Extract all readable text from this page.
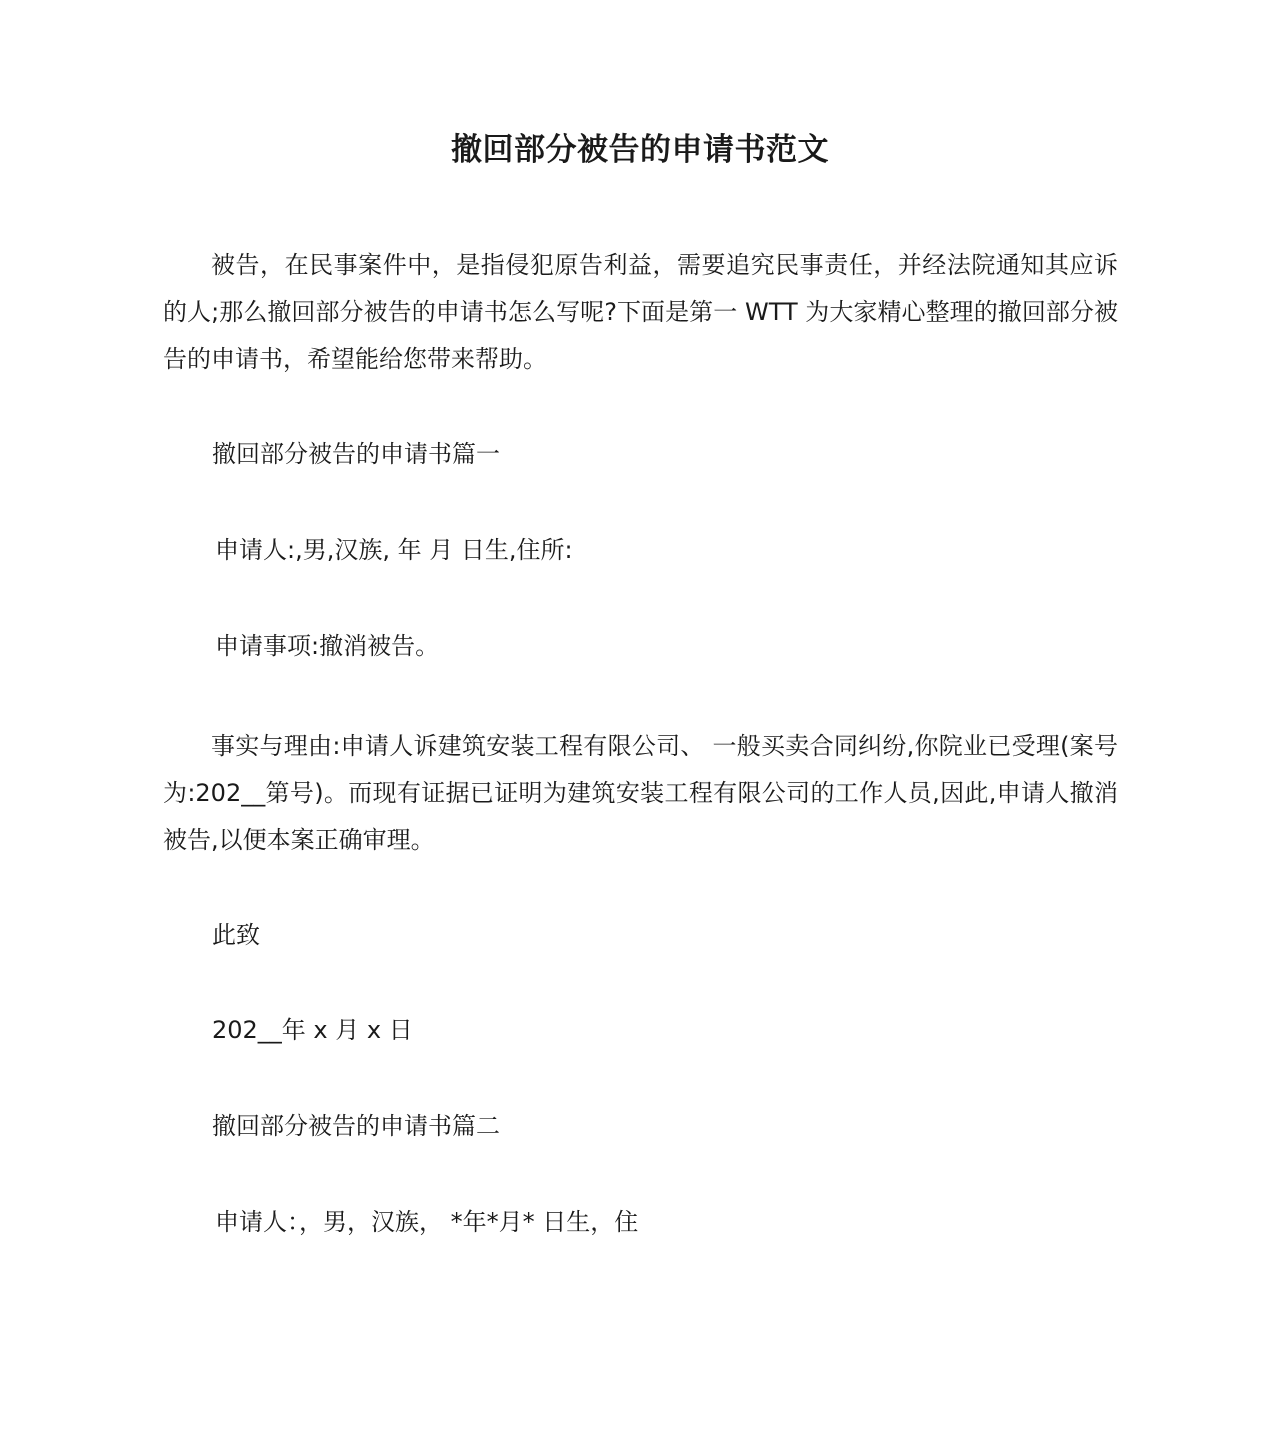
撤回部分被告的申请书范文

被告，在民事案件中，是指侵犯原告利益，需要追究民事责任，并经法院通知其应诉的人;那么撤回部分被告的申请书怎么写呢?下面是第一 WTT 为大家精心整理的撤回部分被告的申请书，希望能给您带来帮助。

撤回部分被告的申请书篇一

申请人:,男,汉族, 年 月 日生,住所:

申请事项:撤消被告。

事实与理由:申请人诉建筑安装工程有限公司、 一般买卖合同纠纷,你院业已受理(案号为:202__第号)。而现有证据已证明为建筑安装工程有限公司的工作人员,因此,申请人撤消被告,以便本案正确审理。

此致

202__年 x 月 x 日

撤回部分被告的申请书篇二

申请人：，男，汉族， *年*月* 日生，住
